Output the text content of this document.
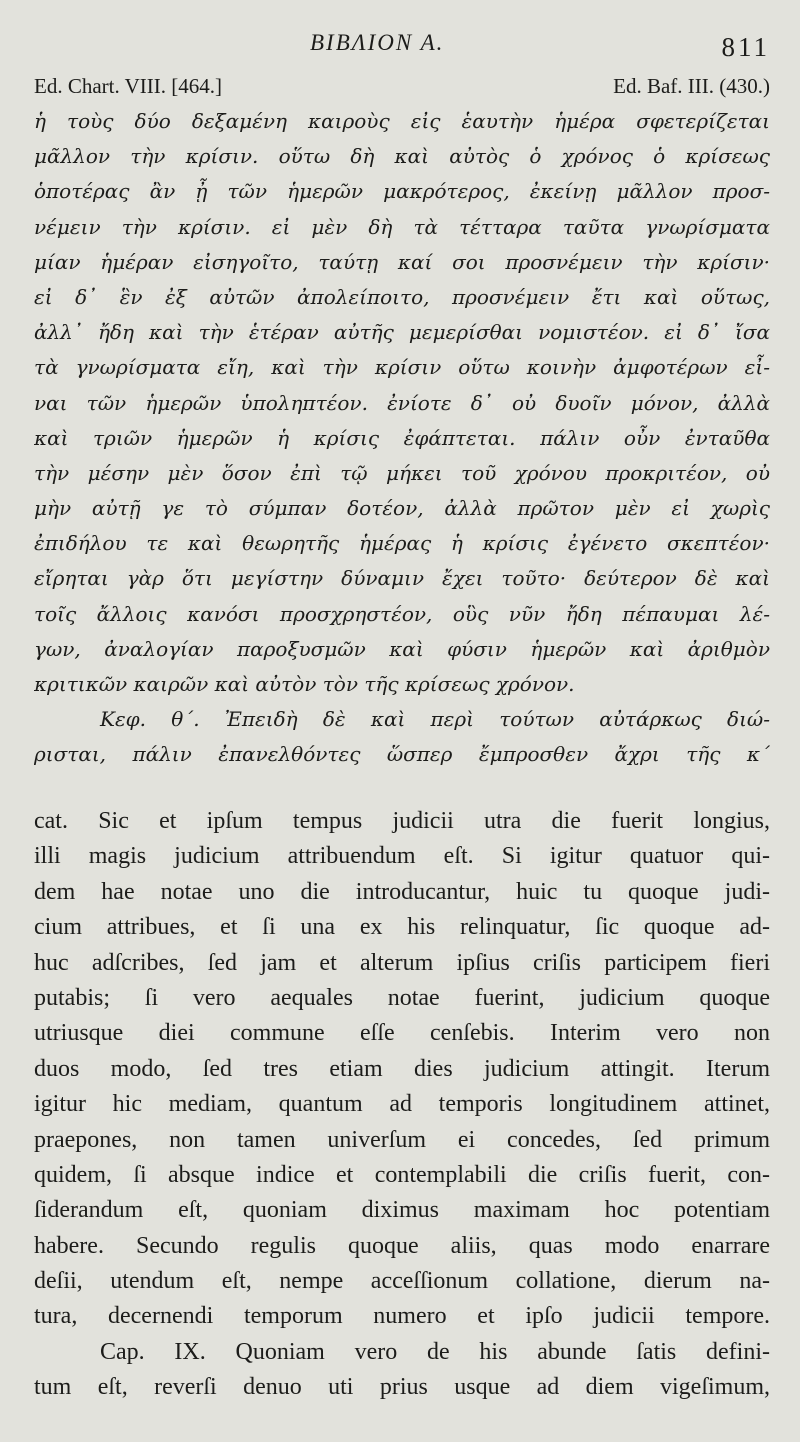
ΒΙΒΛΙΟΝ Α.	811
Ed. Chart. VIII. [464.]	Ed. Baf. III. (430.)
ἡ τοὺς δύο δεξαμένη καιροὺς εἰς ἑαυτὴν ἡμέρα σφετερίζεται
μᾶλλον τὴν κρίσιν. οὕτω δὴ καὶ αὐτὸς ὁ χρόνος ὁ κρίσεως
ὁποτέρας ἂν ᾖ τῶν ἡμερῶν μακρότερος, ἐκείνῃ μᾶλλον προσ-
νέμειν τὴν κρίσιν. εἰ μὲν δὴ τὰ τέτταρα ταῦτα γνωρίσματα
μίαν ἡμέραν εἰσηγοῖτο, ταύτῃ καί σοι προσνέμειν τὴν κρίσιν·
εἰ δ᾽ ἓν ἐξ αὐτῶν ἀπολείποιτο, προσνέμειν ἔτι καὶ οὕτως,
ἀλλ᾽ ἤδη καὶ τὴν ἑτέραν αὐτῆς μεμερίσθαι νομιστέον. εἰ δ᾽ ἴσα
τὰ γνωρίσματα εἴη, καὶ τὴν κρίσιν οὕτω κοινὴν ἀμφοτέρων εἶ-
ναι τῶν ἡμερῶν ὑποληπτέον. ἐνίοτε δ᾽ οὐ δυοῖν μόνον, ἀλλὰ
καὶ τριῶν ἡμερῶν ἡ κρίσις ἐφάπτεται. πάλιν οὖν ἐνταῦθα
τὴν μέσην μὲν ὅσον ἐπὶ τῷ μήκει τοῦ χρόνου προκριτέον, οὐ
μὴν αὐτῇ γε τὸ σύμπαν δοτέον, ἀλλὰ πρῶτον μὲν εἰ χωρὶς
ἐπιδήλου τε καὶ θεωρητῆς ἡμέρας ἡ κρίσις ἐγένετο σκεπτέον·
εἴρηται γὰρ ὅτι μεγίστην δύναμιν ἔχει τοῦτο· δεύτερον δὲ καὶ
τοῖς ἄλλοις κανόσι προσχρηστέον, οὓς νῦν ἤδη πέπαυμαι λέ-
γων, ἀναλογίαν παροξυσμῶν καὶ φύσιν ἡμερῶν καὶ ἀριθμὸν
κριτικῶν καιρῶν καὶ αὐτὸν τὸν τῆς κρίσεως χρόνον.
Κεφ. θ΄. Ἐπειδὴ δὲ καὶ περὶ τούτων αὐτάρκως διώ-
ρισται, πάλιν ἐπανελθόντες ὥσπερ ἔμπροσθεν ἄχρι τῆς κ΄
cat. Sic et ipſum tempus judicii utra die fuerit longius,
illi magis judicium attribuendum eſt. Si igitur quatuor qui-
dem hae notae uno die introducantur, huic tu quoque judi-
cium attribues, et ſi una ex his relinquatur, ſic quoque ad-
huc adſcribes, ſed jam et alterum ipſius criſis participem fieri
putabis; ſi vero aequales notae fuerint, judicium quoque
utriusque diei commune eſſe cenſebis. Interim vero non
duos modo, ſed tres etiam dies judicium attingit. Iterum
igitur hic mediam, quantum ad temporis longitudinem attinet,
praepones, non tamen univerſum ei concedes, ſed primum
quidem, ſi absque indice et contemplabili die criſis fuerit, con-
ſiderandum eſt, quoniam diximus maximam hoc potentiam
habere. Secundo regulis quoque aliis, quas modo enarrare
deſii, utendum eſt, nempe acceſſionum collatione, dierum na-
tura, decernendi temporum numero et ipſo judicii tempore.
Cap. IX. Quoniam vero de his abunde ſatis defini-
tum eſt, reverſi denuo uti prius usque ad diem vigeſimum,
